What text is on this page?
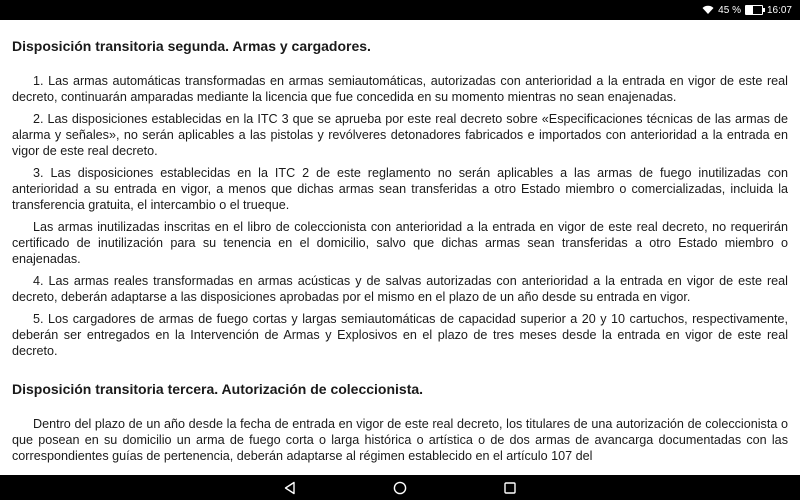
45 %	16:07
Disposición transitoria segunda. Armas y cargadores.

1. Las armas automáticas transformadas en armas semiautomáticas, autorizadas con anterioridad a la entrada en vigor de este real decreto, continuarán amparadas mediante la licencia que fue concedida en su momento mientras no sean enajenadas.

2. Las disposiciones establecidas en la ITC 3 que se aprueba por este real decreto sobre «Especificaciones técnicas de las armas de alarma y señales», no serán aplicables a las pistolas y revólveres detonadores fabricados e importados con anterioridad a la entrada en vigor de este real decreto.

3. Las disposiciones establecidas en la ITC 2 de este reglamento no serán aplicables a las armas de fuego inutilizadas con anterioridad a su entrada en vigor, a menos que dichas armas sean transferidas a otro Estado miembro o comercializadas, incluida la transferencia gratuita, el intercambio o el trueque.

Las armas inutilizadas inscritas en el libro de coleccionista con anterioridad a la entrada en vigor de este real decreto, no requerirán certificado de inutilización para su tenencia en el domicilio, salvo que dichas armas sean transferidas a otro Estado miembro o enajenadas.

4. Las armas reales transformadas en armas acústicas y de salvas autorizadas con anterioridad a la entrada en vigor de este real decreto, deberán adaptarse a las disposiciones aprobadas por el mismo en el plazo de un año desde su entrada en vigor.

5. Los cargadores de armas de fuego cortas y largas semiautomáticas de capacidad superior a 20 y 10 cartuchos, respectivamente, deberán ser entregados en la Intervención de Armas y Explosivos en el plazo de tres meses desde la entrada en vigor de este real decreto.

Disposición transitoria tercera. Autorización de coleccionista.

Dentro del plazo de un año desde la fecha de entrada en vigor de este real decreto, los titulares de una autorización de coleccionista o que posean en su domicilio un arma de fuego corta o larga histórica o artística o de dos armas de avancarga documentadas con las correspondientes guías de pertenencia, deberán adaptarse al régimen establecido en el artículo 107 del
